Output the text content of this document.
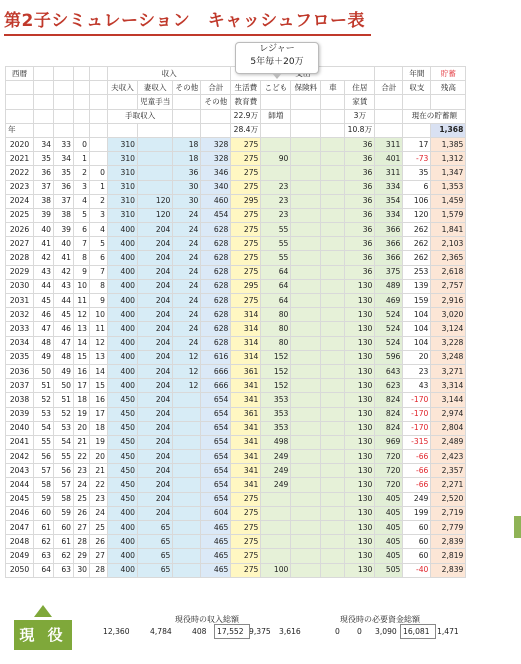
第2子シミュレーション　キャッシュフロー表
レジャー
5年毎＋20万
西暦					収入										年間	貯蓄
					夫収入	妻収入	その他	合計	生活費	こども	保険料	車	住居	合計	収支	残高
						児童手当		その他	教育費				家賃			
					手取収入				22.9万	師増			3万		現在の貯蓄額	
年									28.4万				10.8万			1,368
2020	34	33	0		310		18	328	275				36	311	17	1,385
2021	35	34	1		310		18	328	275	90			36	401	-73	1,312
2022	36	35	2	0	310		36	346	275				36	311	35	1,347
2023	37	36	3	1	310		30	340	275	23			36	334	6	1,353
2024	38	37	4	2	310	120	30	460	295	23			36	354	106	1,459
2025	39	38	5	3	310	120	24	454	275	23			36	334	120	1,579
2026	40	39	6	4	400	204	24	628	275	55			36	366	262	1,841
2027	41	40	7	5	400	204	24	628	275	55			36	366	262	2,103
2028	42	41	8	6	400	204	24	628	275	55			36	366	262	2,365
2029	43	42	9	7	400	204	24	628	275	64			36	375	253	2,618
2030	44	43	10	8	400	204	24	628	295	64			130	489	139	2,757
2031	45	44	11	9	400	204	24	628	275	64			130	469	159	2,916
2032	46	45	12	10	400	204	24	628	314	80			130	524	104	3,020
2033	47	46	13	11	400	204	24	628	314	80			130	524	104	3,124
2034	48	47	14	12	400	204	24	628	314	80			130	524	104	3,228
2035	49	48	15	13	400	204	12	616	314	152			130	596	20	3,248
2036	50	49	16	14	400	204	12	666	361	152			130	643	23	3,271
2037	51	50	17	15	400	204	12	666	341	152			130	623	43	3,314
2038	52	51	18	16	450	204		654	341	353			130	824	-170	3,144
2039	53	52	19	17	450	204		654	361	353			130	824	-170	2,974
2040	54	53	20	18	450	204		654	341	353			130	824	-170	2,804
2041	55	54	21	19	450	204		654	341	498			130	969	-315	2,489
2042	56	55	22	20	450	204		654	341	249			130	720	-66	2,423
2043	57	56	23	21	450	204		654	341	249			130	720	-66	2,357
2044	58	57	24	22	450	204		654	341	249			130	720	-66	2,271
2045	59	58	25	23	450	204		654	275				130	405	249	2,520
2046	60	59	26	24	400	204		604	275				130	405	199	2,719
2047	61	60	27	25	400	65		465	275				130	405	60	2,779
2048	62	61	28	26	400	65		465	275				130	405	60	2,839
2049	63	62	29	27	400	65		465	275				130	405	60	2,819
2050	64	63	30	28	400	65		465	275	100			130	505	-40	2,839
現 役
現役時の収入総額	現役時の必要資金総額
12,360	4,784	408 17,552 9,375 3,616	0 0 3,090 16,081 1,471
